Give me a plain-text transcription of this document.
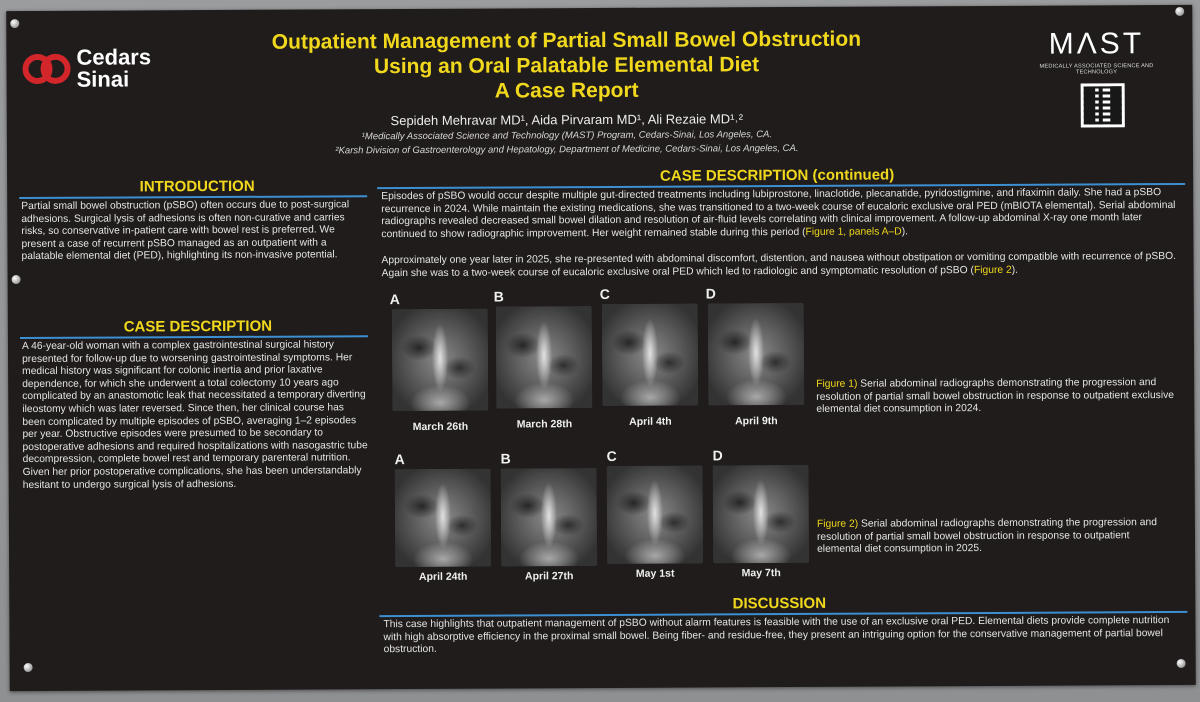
Cedars
Sinai
Outpatient Management of Partial Small Bowel Obstruction
Using an Oral Palatable Elemental Diet
A Case Report
Sepideh Mehravar MD¹, Aida Pirvaram MD¹, Ali Rezaie MD¹˒²
¹Medically Associated Science and Technology (MAST) Program, Cedars-Sinai, Los Angeles, CA.
²Karsh Division of Gastroenterology and Hepatology, Department of Medicine, Cedars-Sinai, Los Angeles, CA.
MΛST
MEDICALLY ASSOCIATED SCIENCE AND TECHNOLOGY
INTRODUCTION
Partial small bowel obstruction (pSBO) often occurs due to post-surgical adhesions. Surgical lysis of adhesions is often non-curative and carries risks, so conservative in-patient care with bowel rest is preferred. We present a case of recurrent pSBO managed as an outpatient with a palatable elemental diet (PED), highlighting its non-invasive potential.
CASE DESCRIPTION
A 46-year-old woman with a complex gastrointestinal surgical history presented for follow-up due to worsening gastrointestinal symptoms. Her medical history was significant for colonic inertia and prior laxative dependence, for which she underwent a total colectomy 10 years ago complicated by an anastomotic leak that necessitated a temporary diverting ileostomy which was later reversed. Since then, her clinical course has been complicated by multiple episodes of pSBO, averaging 1–2 episodes per year. Obstructive episodes were presumed to be secondary to postoperative adhesions and required hospitalizations with nasogastric tube decompression, complete bowel rest and temporary parenteral nutrition. Given her prior postoperative complications, she has been understandably hesitant to undergo surgical lysis of adhesions.
CASE DESCRIPTION (continued)
Episodes of pSBO would occur despite multiple gut-directed treatments including lubiprostone, linaclotide, plecanatide, pyridostigmine, and rifaximin daily. She had a pSBO recurrence in 2024. While maintain the existing medications, she was transitioned to a two-week course of eucaloric exclusive oral PED (mBIOTA elemental). Serial abdominal radiographs revealed decreased small bowel dilation and resolution of air-fluid levels correlating with clinical improvement. A follow-up abdominal X-ray one month later continued to show radiographic improvement. Her weight remained stable during this period (Figure 1, panels A–D).
Approximately one year later in 2025, she re-presented with abdominal discomfort, distention, and nausea without obstipation or vomiting compatible with recurrence of pSBO. Again she was to a two-week course of eucaloric exclusive oral PED which led to radiologic and symptomatic resolution of pSBO (Figure 2).
A	B	C	D
March 26th	March 28th	April 4th	April 9th
Figure 1) Serial abdominal radiographs demonstrating the progression and resolution of partial small bowel obstruction in response to outpatient exclusive elemental diet consumption in 2024.
A	B	C	D
April 24th	April 27th	May 1st	May 7th
Figure 2) Serial abdominal radiographs demonstrating the progression and resolution of partial small bowel obstruction in response to outpatient elemental diet consumption in 2025.
DISCUSSION
This case highlights that outpatient management of pSBO without alarm features is feasible with the use of an exclusive oral PED. Elemental diets provide complete nutrition with high absorptive efficiency in the proximal small bowel. Being fiber- and residue-free, they present an intriguing option for the conservative management of partial bowel obstruction.
